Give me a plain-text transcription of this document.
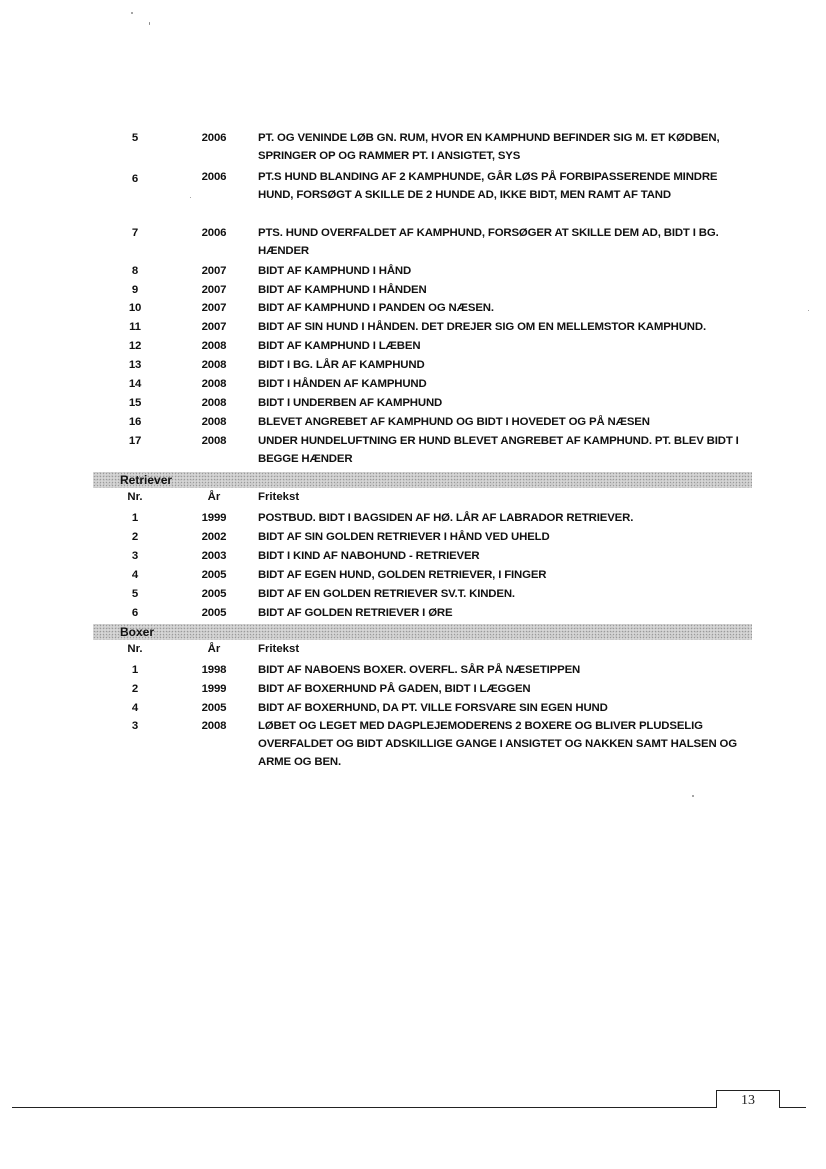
5	2006	PT. OG VENINDE LØB GN. RUM, HVOR EN KAMPHUND BEFINDER SIG M. ET KØDBEN,
SPRINGER OP OG RAMMER PT. I ANSIGTET, SYS
6	2006	PT.S HUND BLANDING AF 2 KAMPHUNDE, GÅR LØS PÅ FORBIPASSERENDE MINDRE
HUND, FORSØGT A SKILLE DE 2 HUNDE AD, IKKE BIDT, MEN RAMT AF TAND
7	2006	PTS. HUND OVERFALDET AF KAMPHUND, FORSØGER AT SKILLE DEM AD, BIDT I BG.
HÆNDER
8	2007	BIDT AF KAMPHUND I HÅND
9	2007	BIDT AF KAMPHUND I HÅNDEN
10	2007	BIDT AF KAMPHUND I PANDEN OG NÆSEN.
11	2007	BIDT AF SIN HUND I HÅNDEN. DET DREJER SIG OM EN MELLEMSTOR KAMPHUND.
12	2008	BIDT AF KAMPHUND I LÆBEN
13	2008	BIDT I BG. LÅR AF KAMPHUND
14	2008	BIDT I HÅNDEN AF KAMPHUND
15	2008	BIDT I UNDERBEN AF KAMPHUND
16	2008	BLEVET ANGREBET AF KAMPHUND OG BIDT I HOVEDET OG PÅ NÆSEN
17	2008	UNDER HUNDELUFTNING ER HUND BLEVET ANGREBET AF KAMPHUND. PT. BLEV BIDT I
BEGGE HÆNDER
Retriever
Nr.	År	Fritekst
1	1999	POSTBUD. BIDT I BAGSIDEN AF HØ. LÅR AF LABRADOR RETRIEVER.
2	2002	BIDT AF SIN GOLDEN RETRIEVER I HÅND VED UHELD
3	2003	BIDT I KIND AF NABOHUND - RETRIEVER
4	2005	BIDT AF EGEN HUND, GOLDEN RETRIEVER, I FINGER
5	2005	BIDT AF EN GOLDEN RETRIEVER SV.T. KINDEN.
6	2005	BIDT AF GOLDEN RETRIEVER I ØRE
Boxer
Nr.	År	Fritekst
1	1998	BIDT AF NABOENS BOXER. OVERFL. SÅR PÅ NÆSETIPPEN
2	1999	BIDT AF BOXERHUND PÅ GADEN, BIDT I LÆGGEN
4	2005	BIDT AF BOXERHUND, DA PT. VILLE FORSVARE SIN EGEN HUND
3	2008	LØBET OG LEGET MED DAGPLEJEMODERENS 2 BOXERE OG BLIVER PLUDSELIG
OVERFALDET OG BIDT ADSKILLIGE GANGE I ANSIGTET OG NAKKEN SAMT HALSEN OG
ARME OG BEN.
13
